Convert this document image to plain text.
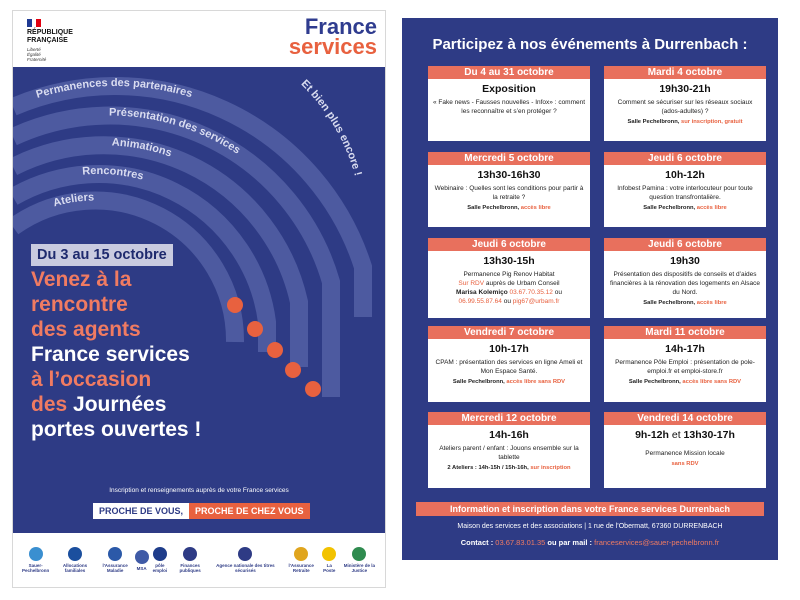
RÉPUBLIQUE
FRANÇAISE
Liberté
Égalité
Fraternité
France
services
Permanences des partenaires
Présentation des services
Animations
Rencontres
Ateliers
Et bien plus encore !
Du 3 au 15 octobre
Venez à la
rencontre
des agents
France services
à l’occasion
des Journées
portes ouvertes !
Inscription et renseignements auprès de votre France services
PROCHE DE VOUS,	PROCHE DE CHEZ VOUS
Sauer-Pechelbronn
Allocations familiales
l'Assurance Maladie	MSA	pôle emploi
Finances publiques
Agence nationale des titres sécurisés
l'Assurance Retraite
La Poste
Ministère de la Justice
Participez à nos événements à Durrenbach :
Du 4 au 31 octobre
Exposition
« Fake news - Fausses nouvelles - Infox» : comment les reconnaître et s’en protéger ?
Mardi 4 octobre
19h30-21h
Comment se sécuriser sur les réseaux sociaux (ados-adultes) ?
Salle Pechelbronn, sur inscription, gratuit
Mercredi 5 octobre
13h30-16h30
Webinaire : Quelles sont les conditions pour partir à la retraite ?
Salle Pechelbronn, accès libre
Jeudi 6 octobre
10h-12h
Infobest Pamina : votre interlocuteur pour toute question transfrontalière.
Salle Pechelbronn, accès libre
Jeudi 6 octobre
13h30-15h
Permanence Pig Renov Habitat
Sur RDV auprès de Urbam Conseil
Marisa Kolemiço 03.67.70.35.12 ou
06.99.55.87.64 ou pig67@urbam.fr
Jeudi 6 octobre
19h30
Présentation des dispositifs de conseils et d’aides financières à la rénovation des logements en Alsace du Nord.
Salle Pechelbronn, accès libre
Vendredi 7 octobre
10h-17h
CPAM : présentation des services en ligne Ameli et Mon Espace Santé.
Salle Pechelbronn, accès libre sans RDV
Mardi 11 octobre
14h-17h
Permanence Pôle Emploi : présentation de pole-emploi.fr et emploi-store.fr
Salle Pechelbronn, accès libre sans RDV
Mercredi 12 octobre
14h-16h
Ateliers parent / enfant : Jouons ensemble sur la tablette
2 Ateliers : 14h-15h / 15h-16h, sur inscription
Vendredi 14 octobre
9h-12h et 13h30-17h
Permanence Mission locale
sans RDV
Information et inscription dans votre France services Durrenbach
Maison des services et des associations | 1 rue de l’Obermatt, 67360 DURRENBACH
Contact : 03.67.83.01.35 ou par mail : franceservices@sauer-pechelbronn.fr
